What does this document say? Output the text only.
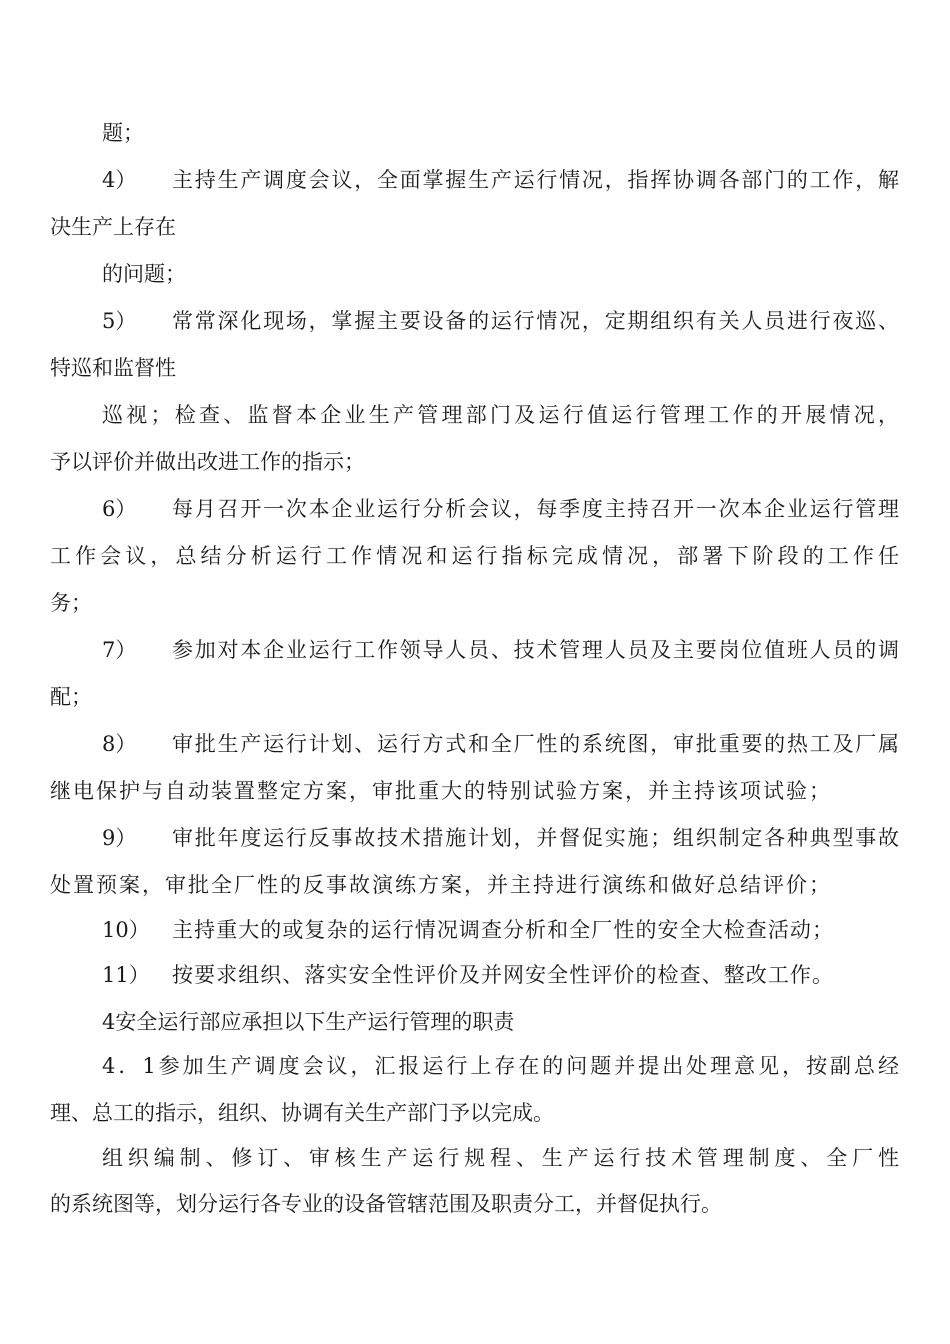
题；
4） 主持生产调度会议，全面掌握生产运行情况，指挥协调各部门的工作，解
决生产上存在
的问题；
5） 常常深化现场，掌握主要设备的运行情况，定期组织有关人员进行夜巡、
特巡和监督性
巡视；检查、监督本企业生产管理部门及运行值运行管理工作的开展情况，
予以评价并做出改进工作的指示；
6） 每月召开一次本企业运行分析会议，每季度主持召开一次本企业运行管理
工作会议，总结分析运行工作情况和运行指标完成情况，部署下阶段的工作任
务；
7） 参加对本企业运行工作领导人员、技术管理人员及主要岗位值班人员的调
配；
8） 审批生产运行计划、运行方式和全厂性的系统图，审批重要的热工及厂属
继电保护与自动装置整定方案，审批重大的特别试验方案，并主持该项试验；
9） 审批年度运行反事故技术措施计划，并督促实施；组织制定各种典型事故
处置预案，审批全厂性的反事故演练方案，并主持进行演练和做好总结评价；
10） 主持重大的或复杂的运行情况调查分析和全厂性的安全大检查活动；
11） 按要求组织、落实安全性评价及并网安全性评价的检查、整改工作。
4安全运行部应承担以下生产运行管理的职责
4．1参加生产调度会议，汇报运行上存在的问题并提出处理意见，按副总经
理、总工的指示，组织、协调有关生产部门予以完成。
组织编制、修订、审核生产运行规程、生产运行技术管理制度、全厂性
的系统图等，划分运行各专业的设备管辖范围及职责分工，并督促执行。
